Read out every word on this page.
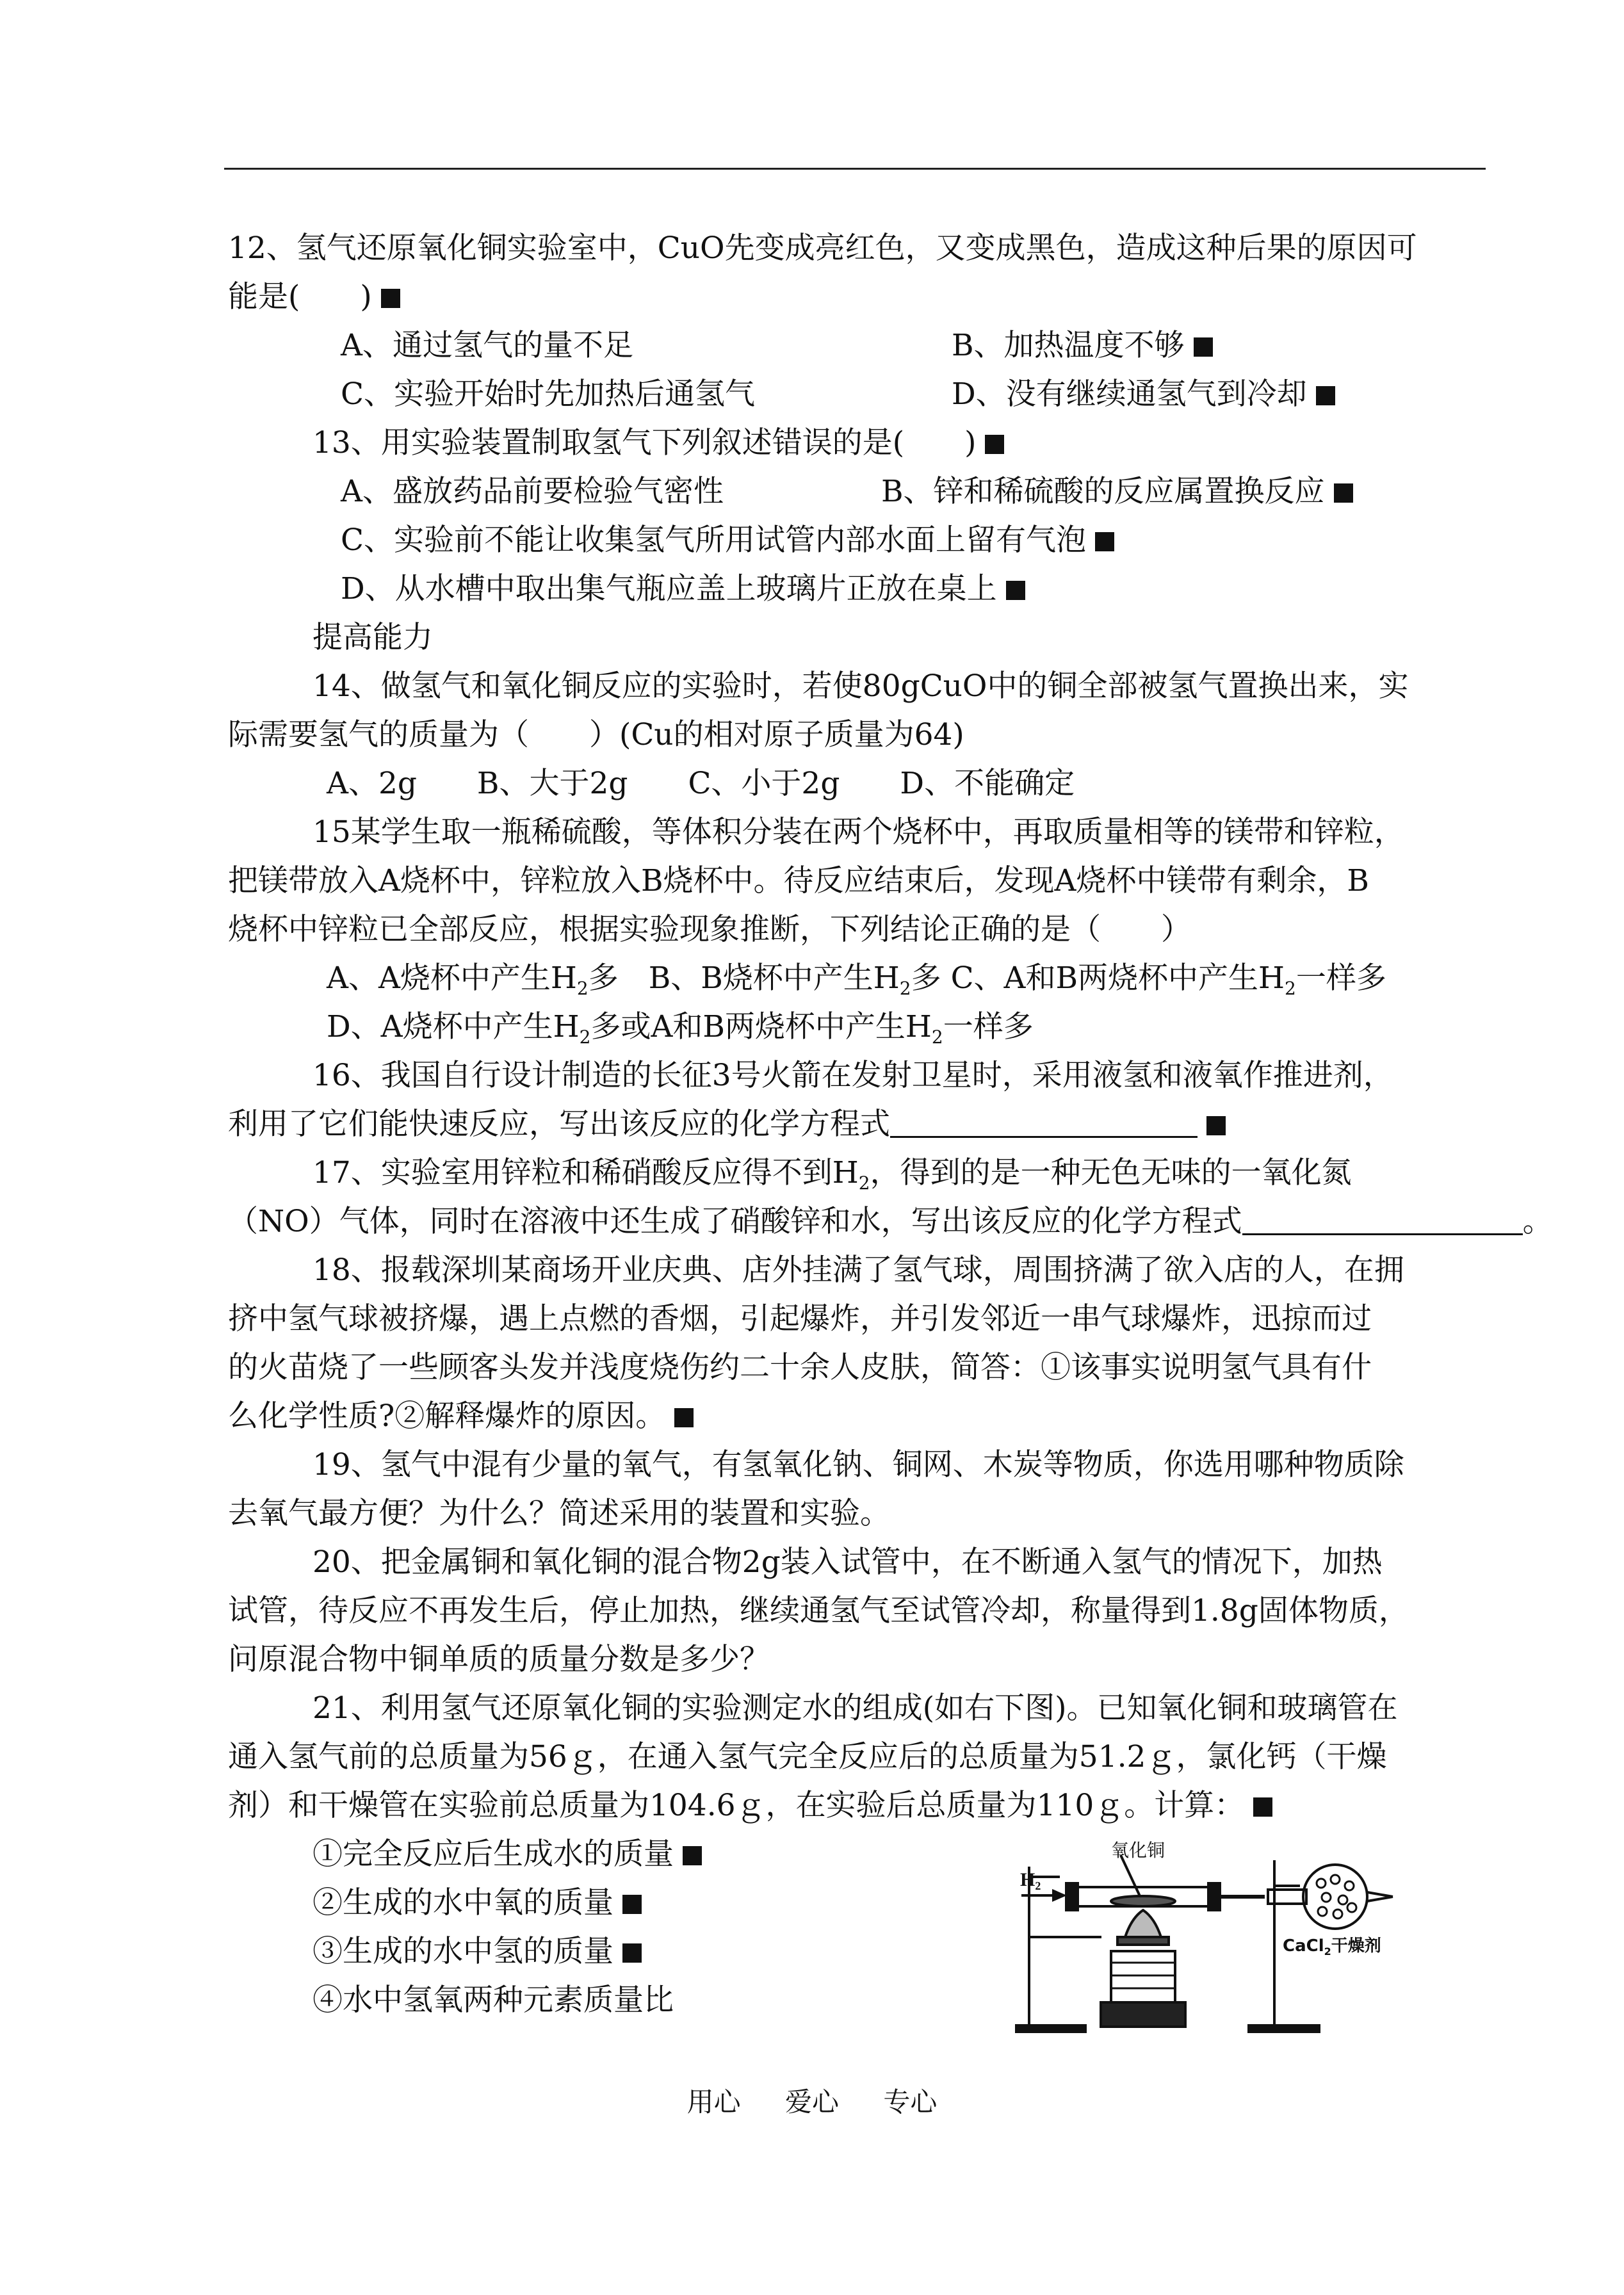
12、氢气还原氧化铜实验室中，CuO先变成亮红色，又变成黑色，造成这种后果的原因可
能是(　　)
A、通过氢气的量不足	B、加热温度不够
C、实验开始时先加热后通氢气	D、没有继续通氢气到冷却
13、用实验装置制取氢气下列叙述错误的是(　　)
A、盛放药品前要检验气密性	B、锌和稀硫酸的反应属置换反应
C、实验前不能让收集氢气所用试管内部水面上留有气泡
D、从水槽中取出集气瓶应盖上玻璃片正放在桌上
提高能力
14、做氢气和氧化铜反应的实验时，若使80gCuO中的铜全部被氢气置换出来，实
际需要氢气的质量为（　　）(Cu的相对原子质量为64)
A、2g　　B、大于2g　　C、小于2g　　D、不能确定
15某学生取一瓶稀硫酸，等体积分装在两个烧杯中，再取质量相等的镁带和锌粒，
把镁带放入A烧杯中，锌粒放入B烧杯中。待反应结束后，发现A烧杯中镁带有剩余，B
烧杯中锌粒已全部反应，根据实验现象推断，下列结论正确的是（　　）
A、A烧杯中产生$H_2$多　 B、B烧杯中产生$H_2$多 C、A和B两烧杯中产生$H_2$一样多
D、A烧杯中产生$H_2$多或A和B两烧杯中产生$H_2$一样多
16、我国自行设计制造的长征3号火箭在发射卫星时，采用液氢和液氧作推进剂，
利用了它们能快速反应，写出该反应的化学方程式
17、实验室用锌粒和稀硝酸反应得不到$H_2$，得到的是一种无色无味的一氧化氮
（NO）气体，同时在溶液中还生成了硝酸锌和水，写出该反应的化学方程式	。
18、报载深圳某商场开业庆典、店外挂满了氢气球，周围挤满了欲入店的人，在拥
挤中氢气球被挤爆，遇上点燃的香烟，引起爆炸，并引发邻近一串气球爆炸，迅掠而过
的火苗烧了一些顾客头发并浅度烧伤约二十余人皮肤，简答：①该事实说明氢气具有什
么化学性质?②解释爆炸的原因。
19、氢气中混有少量的氧气，有氢氧化钠、铜网、木炭等物质，你选用哪种物质除
去氧气最方便？为什么？简述采用的装置和实验。
20、把金属铜和氧化铜的混合物2g装入试管中，在不断通入氢气的情况下，加热
试管，待反应不再发生后，停止加热，继续通氢气至试管冷却，称量得到1.8g固体物质，
问原混合物中铜单质的质量分数是多少？
21、利用氢气还原氧化铜的实验测定水的组成(如右下图)。已知氧化铜和玻璃管在
通入氢气前的总质量为56ｇ，在通入氢气完全反应后的总质量为51.2ｇ，氯化钙（干燥
剂）和干燥管在实验前总质量为104.6ｇ，在实验后总质量为110ｇ。计算：
①完全反应后生成水的质量
②生成的水中氧的质量
③生成的水中氢的质量
④水中氢氧两种元素质量比
$H_2$
氧化铜
CaCl$_2$干燥剂
用心 爱心 专心
